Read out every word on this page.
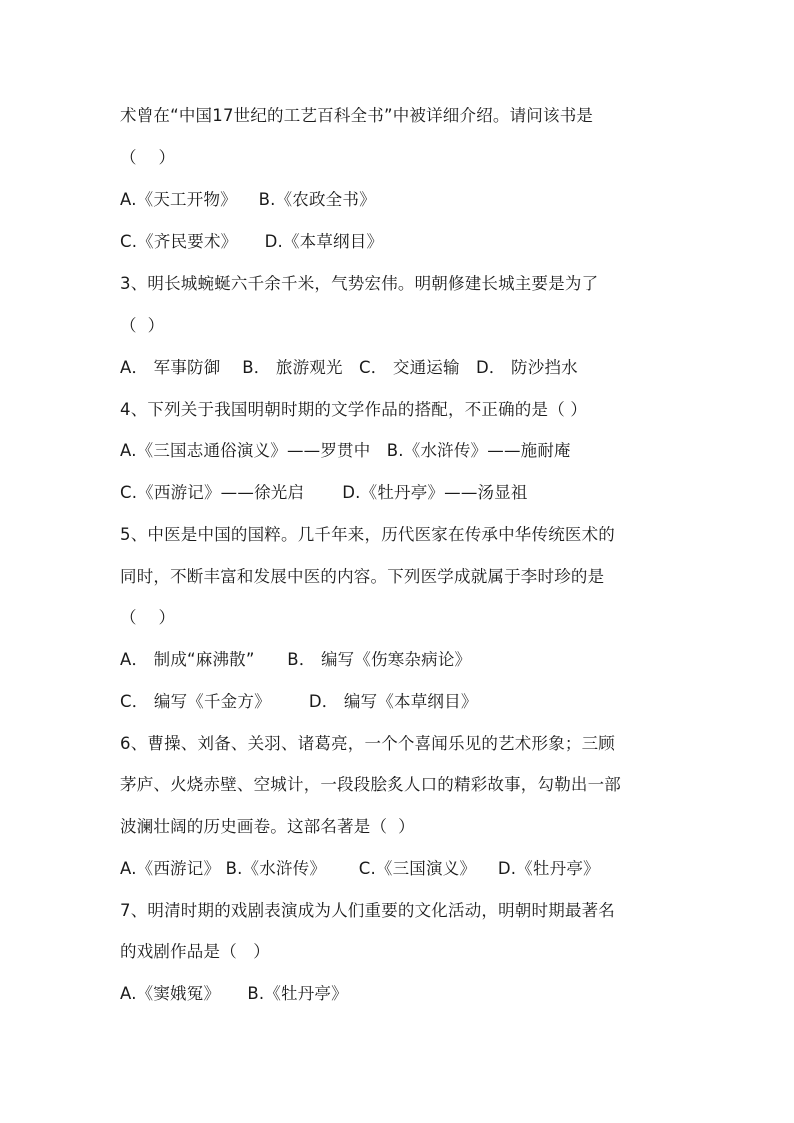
术曾在“中国17世纪的工艺百科全书”中被详细介绍。请问该书是
（    ）
A.《天工开物》    B.《农政全书》
C.《齐民要术》     D.《本草纲目》
3、明长城蜿蜒六千余千米，气势宏伟。明朝修建长城主要是为了
（  ）
A． 军事防御    B． 旅游观光   C． 交通运输   D． 防沙挡水
4、下列关于我国明朝时期的文学作品的搭配，不正确的是（ ）
A.《三国志通俗演义》——罗贯中   B.《水浒传》——施耐庵
C.《西游记》——徐光启       D.《牡丹亭》——汤显祖
5、中医是中国的国粹。几千年来，历代医家在传承中华传统医术的
同时，不断丰富和发展中医的内容。下列医学成就属于李时珍的是
（    ）
A． 制成“麻沸散”      B． 编写《伤寒杂病论》
C． 编写《千金方》       D． 编写《本草纲目》
6、曹操、刘备、关羽、诸葛亮，一个个喜闻乐见的艺术形象；三顾
茅庐、火烧赤壁、空城计，一段段脍炙人口的精彩故事，勾勒出一部
波澜壮阔的历史画卷。这部名著是（  ）
A.《西游记》 B.《水浒传》      C.《三国演义》    D.《牡丹亭》
7、明清时期的戏剧表演成为人们重要的文化活动，明朝时期最著名
的戏剧作品是（   ）
A.《窦娥冤》     B.《牡丹亭》
